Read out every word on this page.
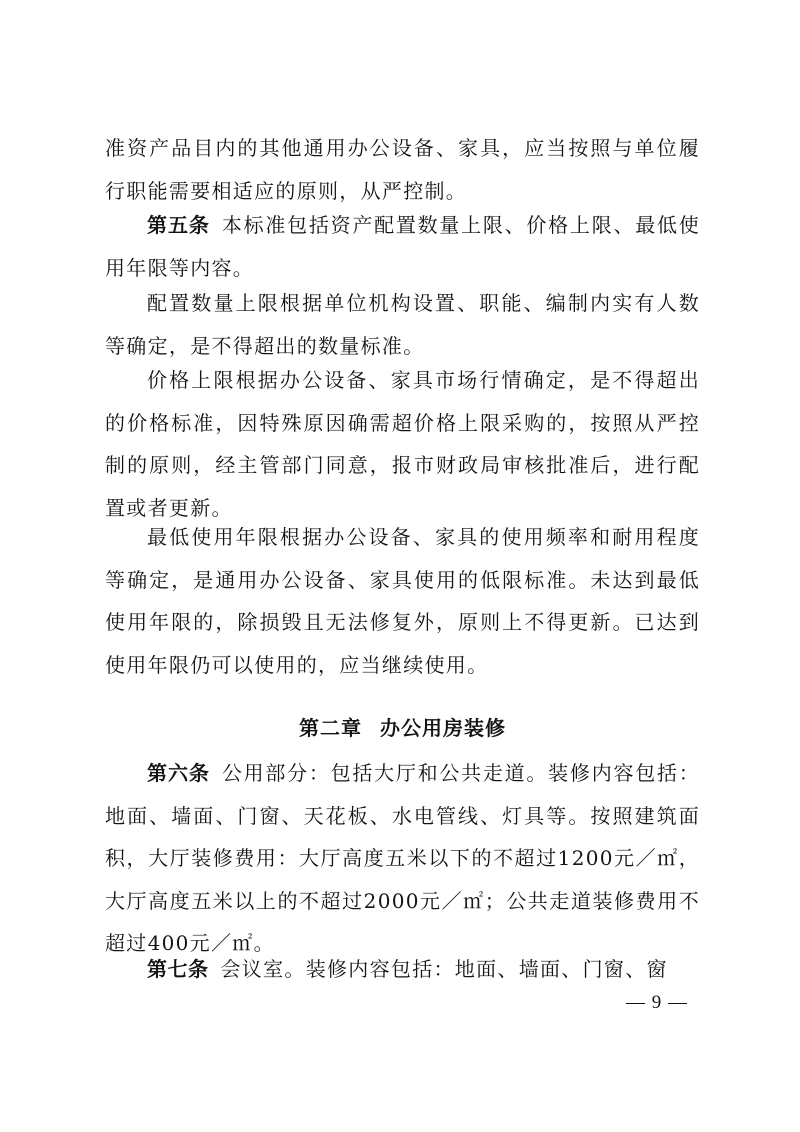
准资产品目内的其他通用办公设备、家具，应当按照与单位履行职能需要相适应的原则，从严控制。

第五条 本标准包括资产配置数量上限、价格上限、最低使用年限等内容。

配置数量上限根据单位机构设置、职能、编制内实有人数等确定，是不得超出的数量标准。

价格上限根据办公设备、家具市场行情确定，是不得超出的价格标准，因特殊原因确需超价格上限采购的，按照从严控制的原则，经主管部门同意，报市财政局审核批准后，进行配置或者更新。

最低使用年限根据办公设备、家具的使用频率和耐用程度等确定，是通用办公设备、家具使用的低限标准。未达到最低使用年限的，除损毁且无法修复外，原则上不得更新。已达到使用年限仍可以使用的，应当继续使用。

第二章 办公用房装修

第六条 公用部分：包括大厅和公共走道。装修内容包括：地面、墙面、门窗、天花板、水电管线、灯具等。按照建筑面积，大厅装修费用：大厅高度五米以下的不超过1200元／㎡，大厅高度五米以上的不超过2000元／㎡；公共走道装修费用不超过400元／㎡。

第七条 会议室。装修内容包括：地面、墙面、门窗、窗

— 9 —
